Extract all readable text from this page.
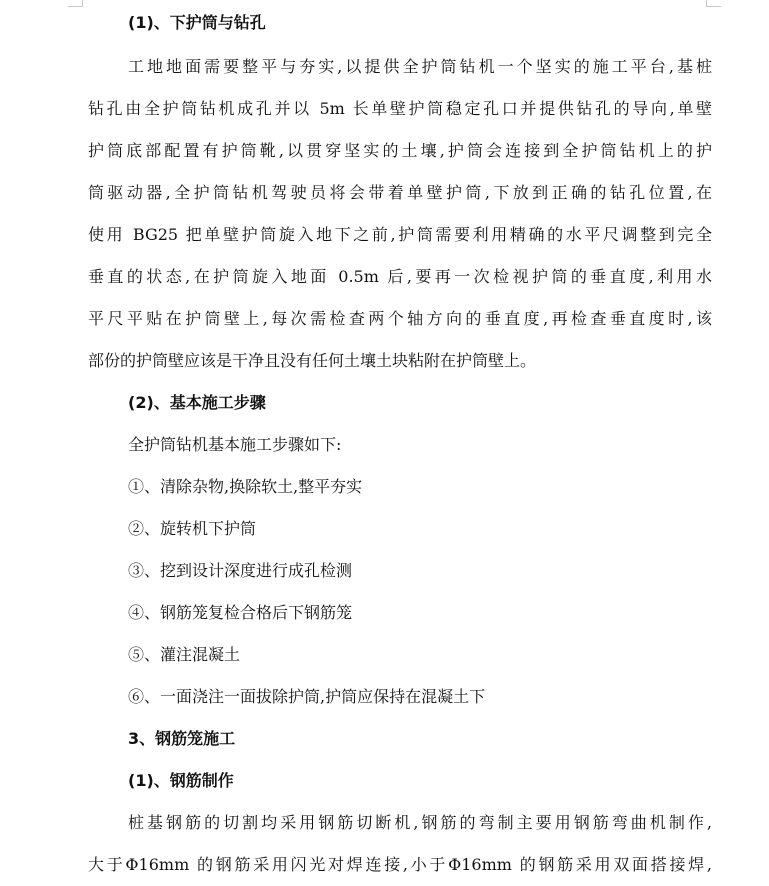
(1)、下护筒与钻孔
工地地面需要整平与夯实,以提供全护筒钻机一个坚实的施工平台,基桩
钻孔由全护筒钻机成孔并以 5m 长单壁护筒稳定孔口并提供钻孔的导向,单壁
护筒底部配置有护筒靴,以贯穿坚实的土壤,护筒会连接到全护筒钻机上的护
筒驱动器,全护筒钻机驾驶员将会带着单壁护筒,下放到正确的钻孔位置,在
使用 BG25 把单壁护筒旋入地下之前,护筒需要利用精确的水平尺调整到完全
垂直的状态,在护筒旋入地面 0.5m 后,要再一次检视护筒的垂直度,利用水
平尺平贴在护筒壁上,每次需检查两个轴方向的垂直度,再检查垂直度时,该
部份的护筒壁应该是干净且没有任何土壤土块粘附在护筒壁上。
(2)、基本施工步骤
全护筒钻机基本施工步骤如下:
①、清除杂物,换除软土,整平夯实
②、旋转机下护筒
③、挖到设计深度进行成孔检测
④、钢筋笼复检合格后下钢筋笼
⑤、灌注混凝土
⑥、一面浇注一面拔除护筒,护筒应保持在混凝土下
3、钢筋笼施工
(1)、钢筋制作
桩基钢筋的切割均采用钢筋切断机,钢筋的弯制主要用钢筋弯曲机制作,
大于Φ16mm 的钢筋采用闪光对焊连接,小于Φ16mm 的钢筋采用双面搭接焊,
